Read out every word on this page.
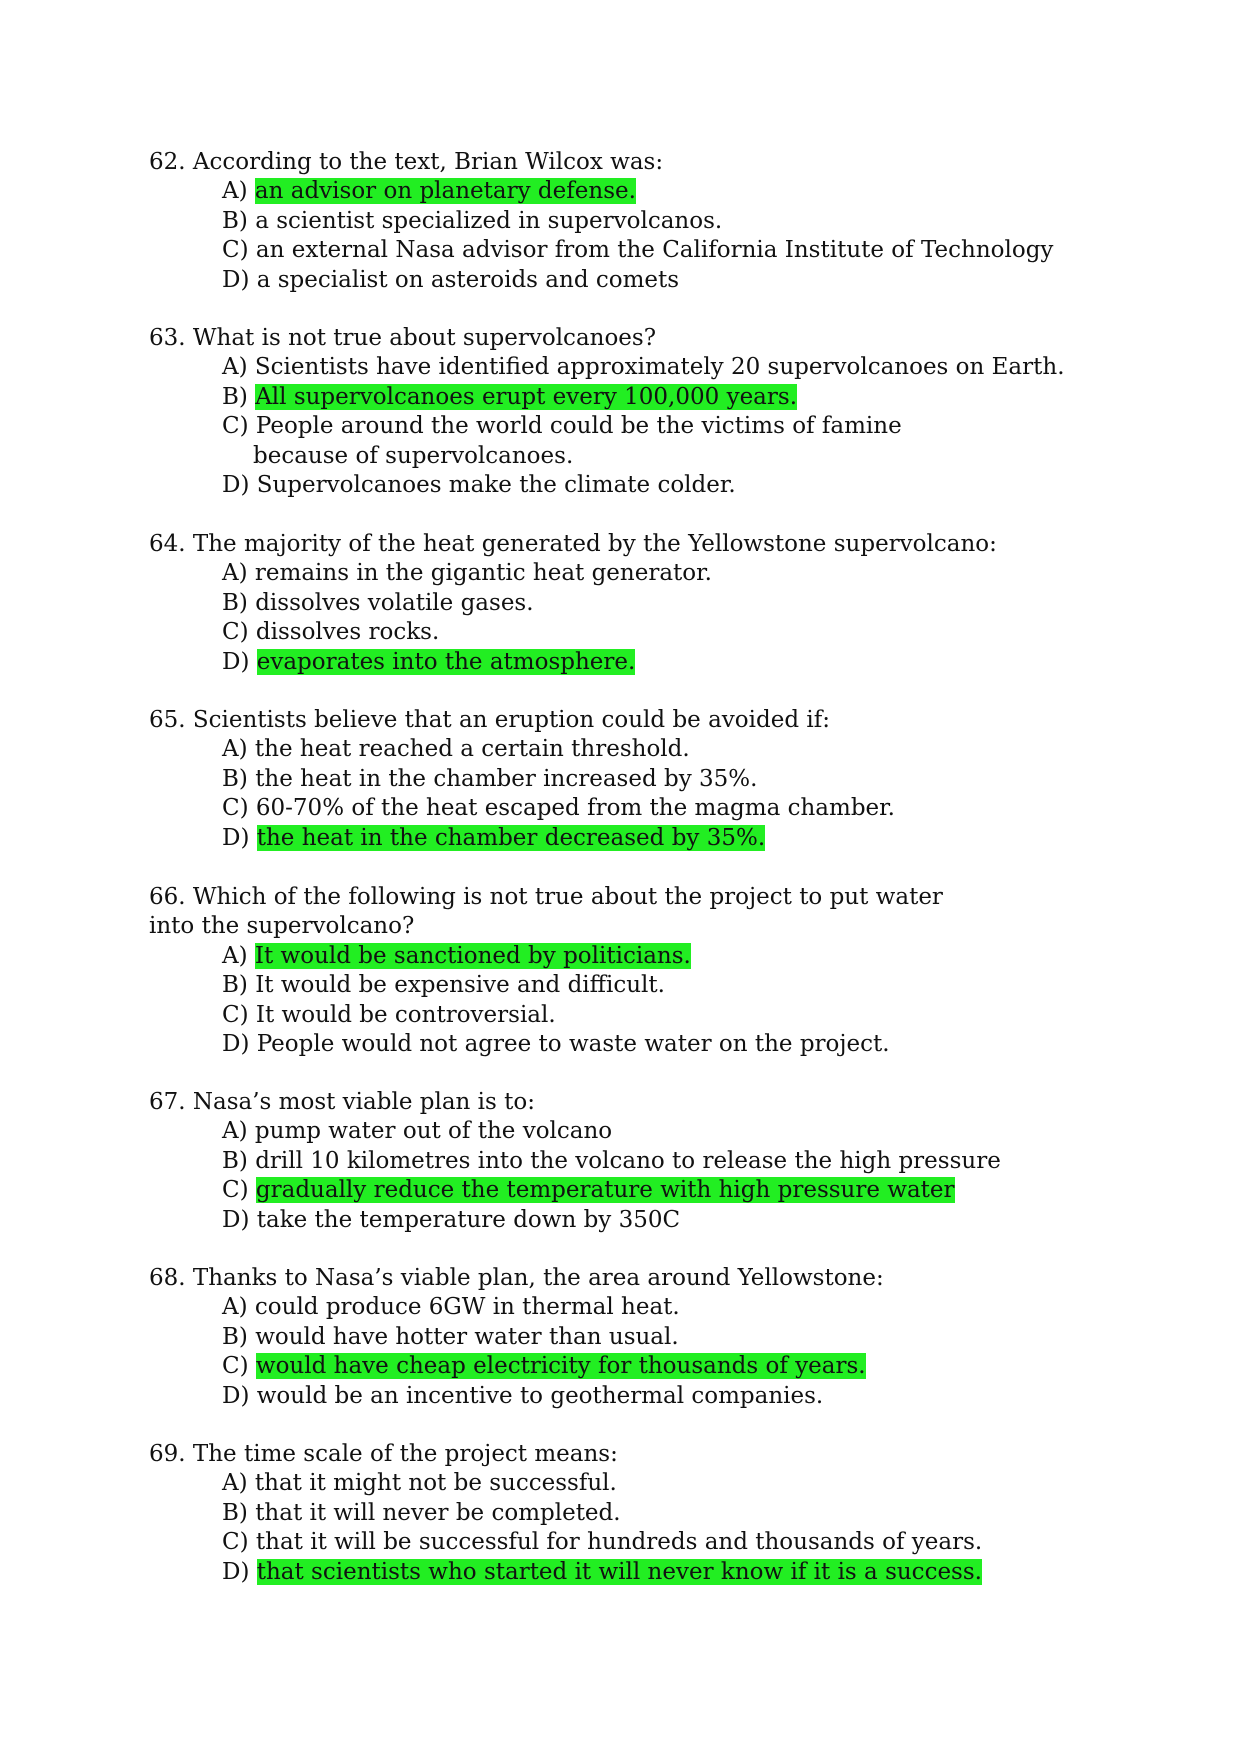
62. According to the text, Brian Wilcox was:

A) an advisor on planetary defense.
B) a scientist specialized in supervolcanos.
C) an external Nasa advisor from the California Institute of Technology
D) a specialist on asteroids and comets

63. What is not true about supervolcanoes?

A) Scientists have identified approximately 20 supervolcanoes on Earth.
B) All supervolcanoes erupt every 100,000 years.
C) People around the world could be the victims of famine because of supervolcanoes.
D) Supervolcanoes make the climate colder.

64. The majority of the heat generated by the Yellowstone supervolcano:

A) remains in the gigantic heat generator.
B) dissolves volatile gases.
C) dissolves rocks.
D) evaporates into the atmosphere.

65. Scientists believe that an eruption could be avoided if:

A) the heat reached a certain threshold.
B) the heat in the chamber increased by 35%.
C) 60-70% of the heat escaped from the magma chamber.
D) the heat in the chamber decreased by 35%.

66. Which of the following is not true about the project to put water into the supervolcano?

A) It would be sanctioned by politicians.
B) It would be expensive and difficult.
C) It would be controversial.
D) People would not agree to waste water on the project.

67. Nasa’s most viable plan is to:

A) pump water out of the volcano
B) drill 10 kilometres into the volcano to release the high pressure
C) gradually reduce the temperature with high pressure water
D) take the temperature down by 350C

68. Thanks to Nasa’s viable plan, the area around Yellowstone:

A) could produce 6GW in thermal heat.
B) would have hotter water than usual.
C) would have cheap electricity for thousands of years.
D) would be an incentive to geothermal companies.

69. The time scale of the project means:

A) that it might not be successful.
B) that it will never be completed.
C) that it will be successful for hundreds and thousands of years.
D) that scientists who started it will never know if it is a success.
